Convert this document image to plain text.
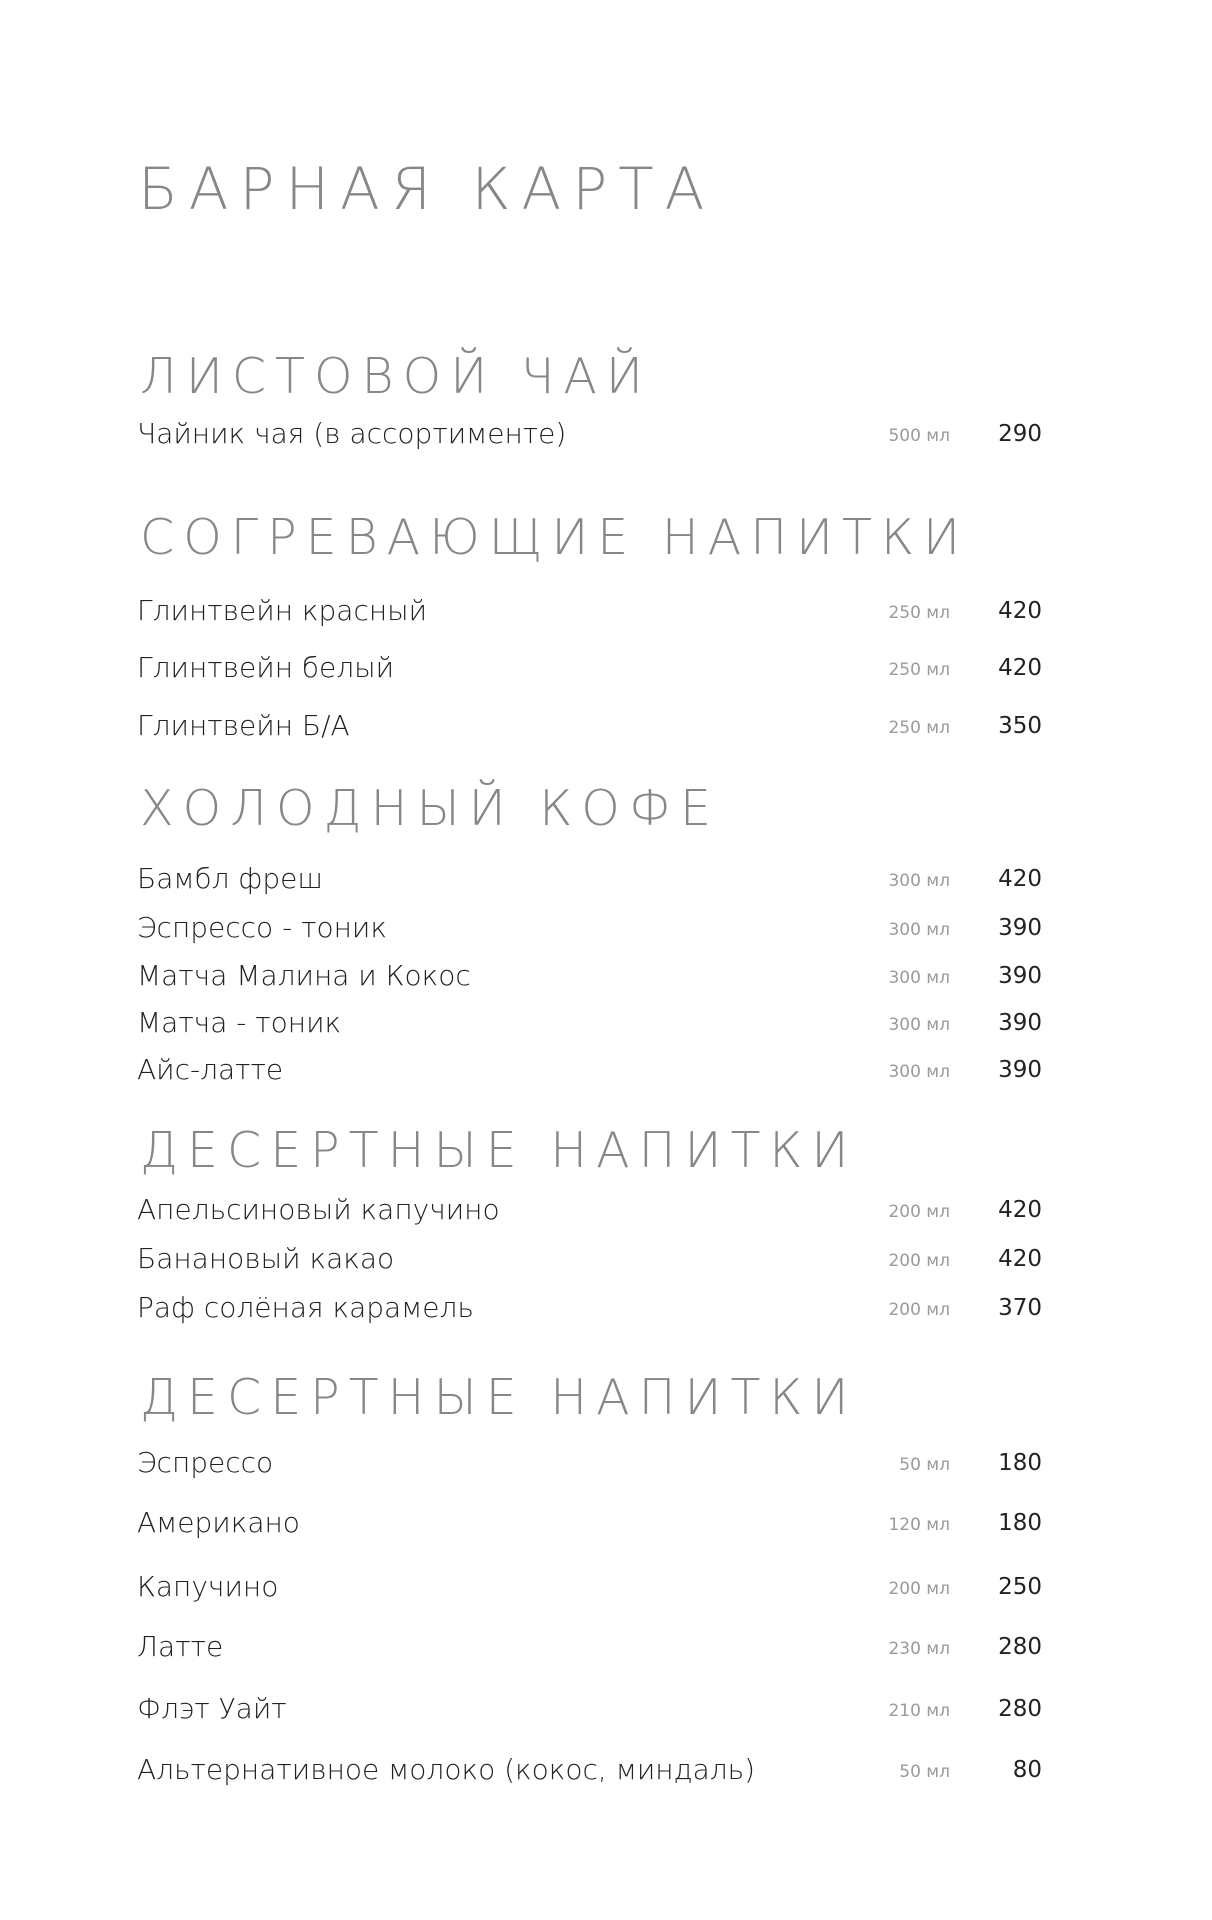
БАРНАЯ КАРТА
ЛИСТОВОЙ ЧАЙ
Чайник чая (в ассортименте)	500 мл 290
СОГРЕВАЮЩИЕ НАПИТКИ
Глинтвейн красный	250 мл 420
Глинтвейн белый	250 мл 420
Глинтвейн Б/А	250 мл 350
ХОЛОДНЫЙ КОФЕ
Бамбл фреш	300 мл 420
Эспрессо - тоник	300 мл 390
Матча Малина и Кокос	300 мл 390
Матча - тоник	300 мл 390
Айс-латте	300 мл 390
ДЕСЕРТНЫЕ НАПИТКИ
Апельсиновый капучино	200 мл 420
Банановый какао	200 мл 420
Раф солёная карамель	200 мл 370
ДЕСЕРТНЫЕ НАПИТКИ
Эспрессо	50 мл 180
Американо	120 мл 180
Капучино	200 мл 250
Латте	230 мл 280
Флэт Уайт	210 мл 280
Альтернативное молоко (кокос, миндаль)	50 мл	80
